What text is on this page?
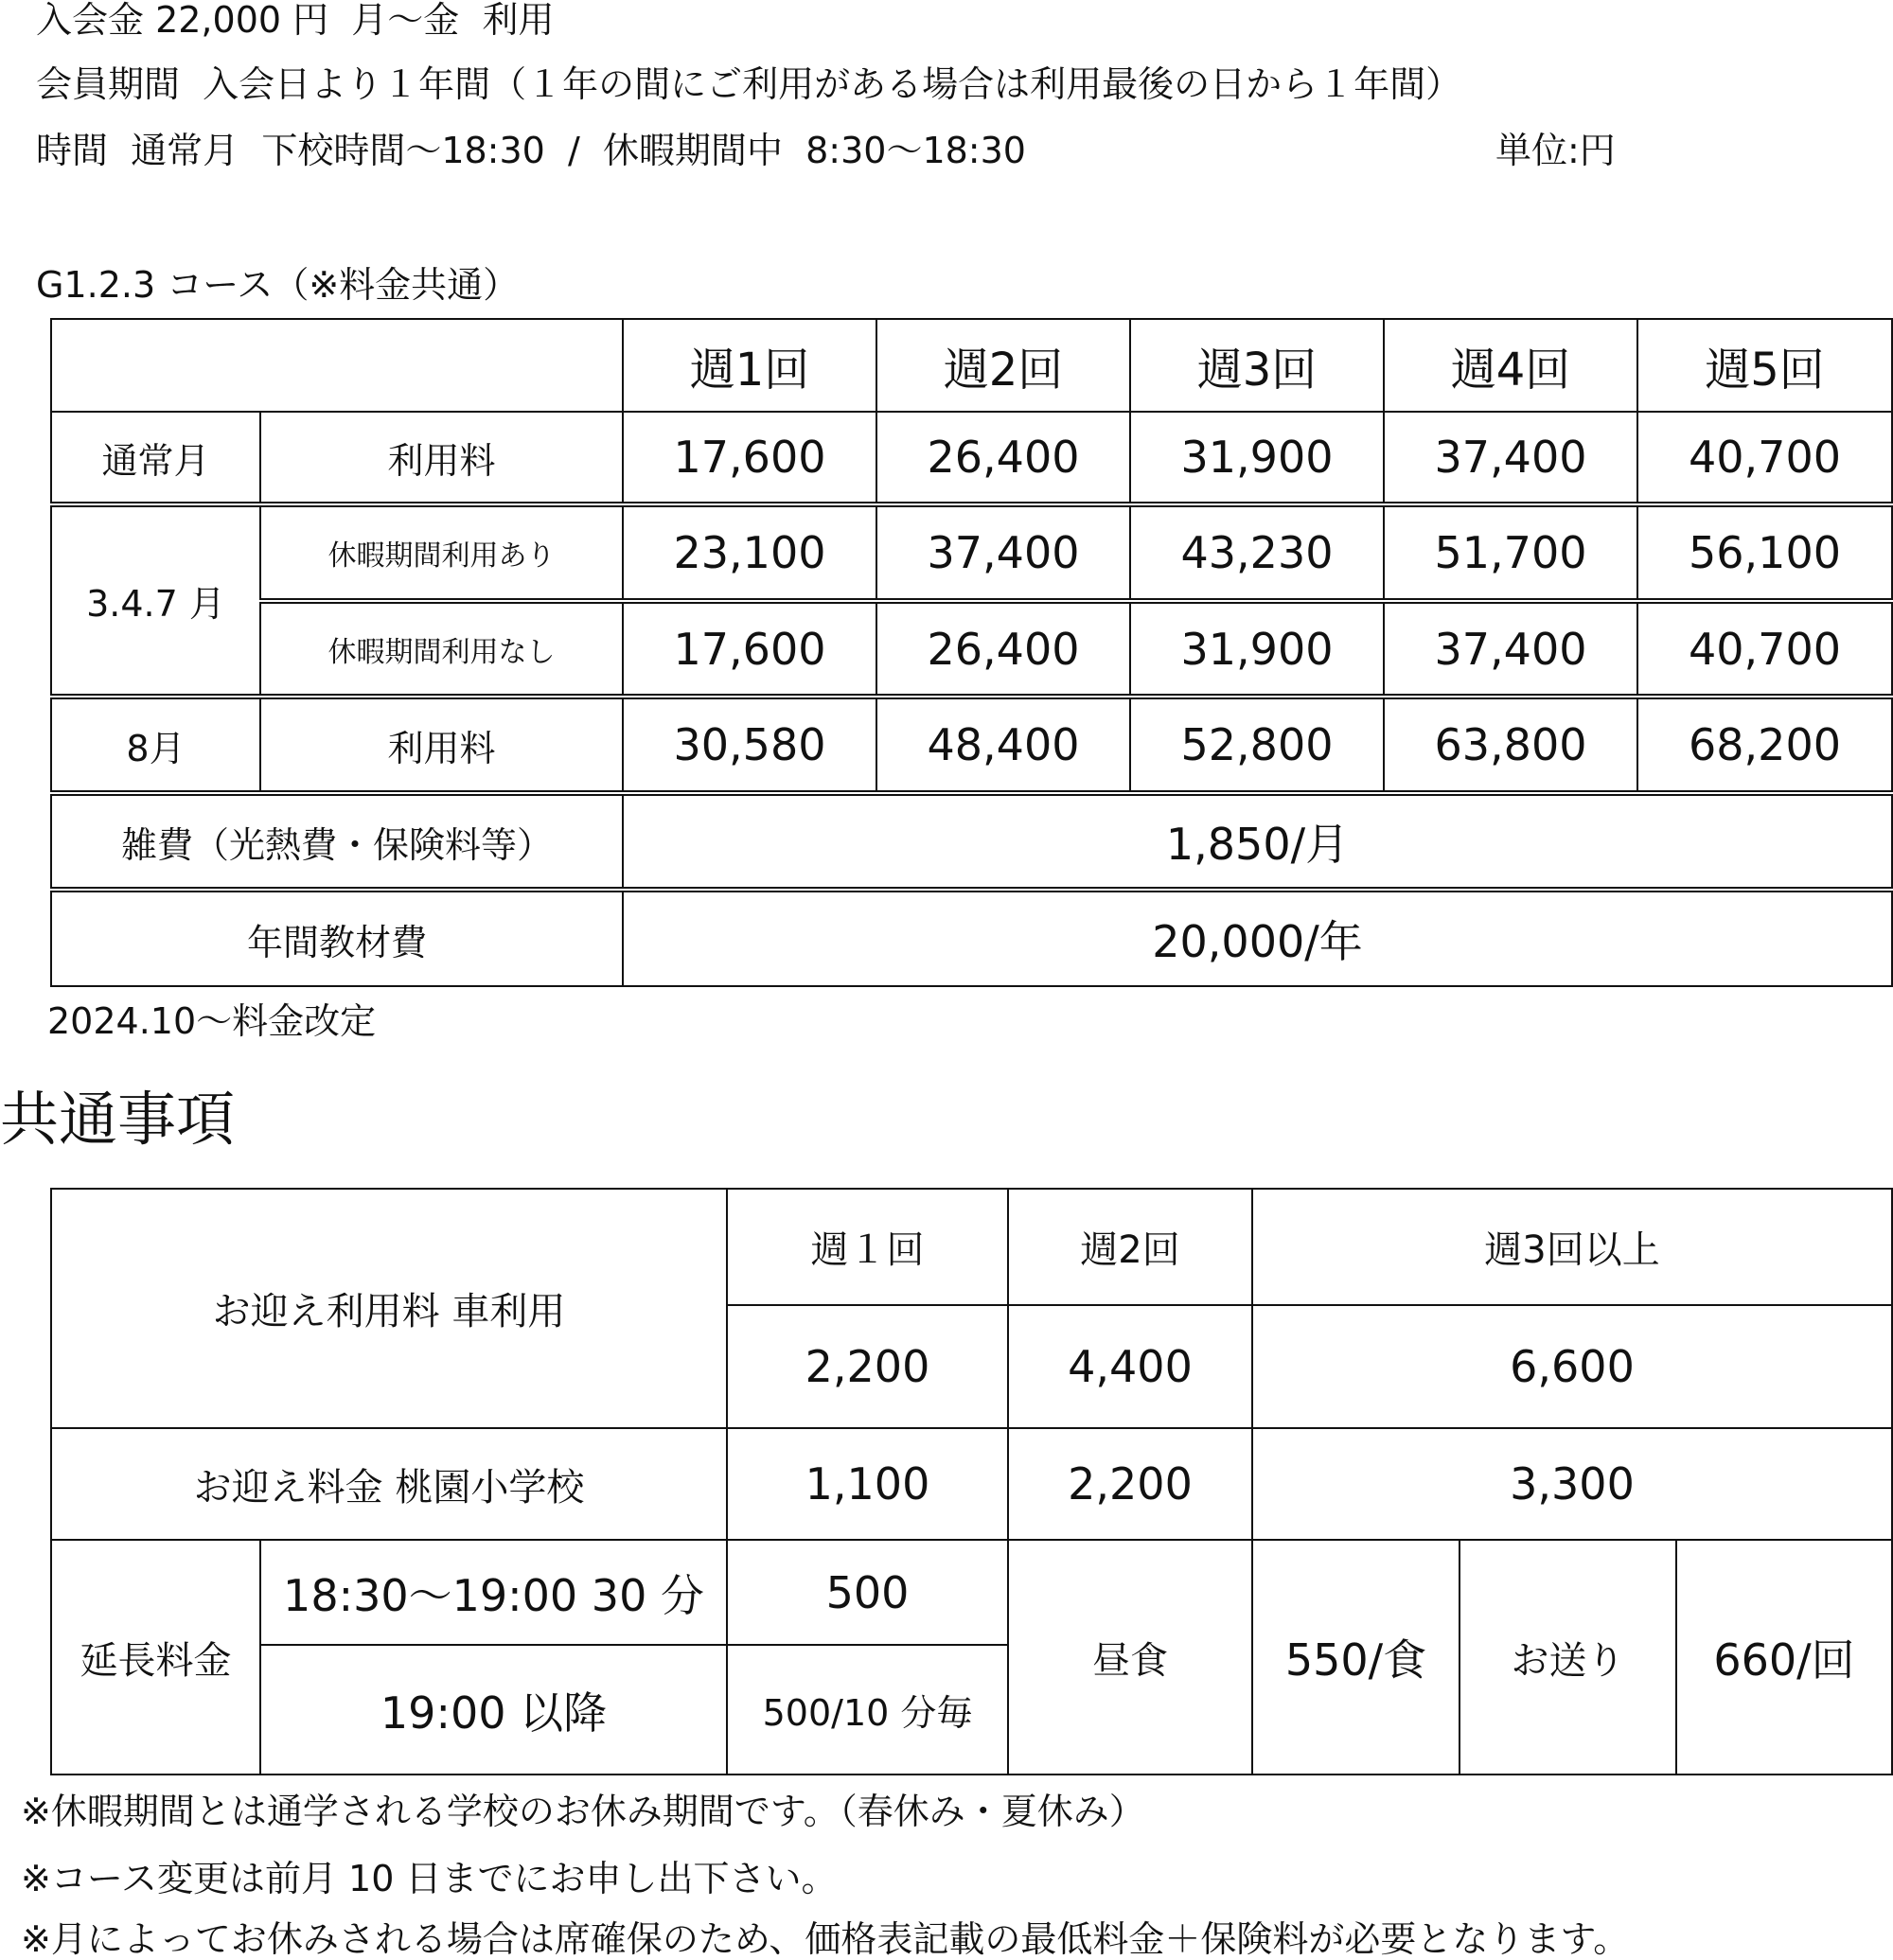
入会金 22,000 円  月～金  利用
会員期間  入会日より１年間（１年の間にご利用がある場合は利用最後の日から１年間）
時間  通常月  下校時間～18:30  /  休暇期間中  8:30～18:30	単位:円
G1.2.3 コース（※料金共通）
		週1回	週2回	週3回	週4回	週5回
通常月	利用料	17,600	26,400	31,900	37,400	40,700
3.4.7 月	休暇期間利用あり	23,100	37,400	43,230	51,700	56,100
	休暇期間利用なし	17,600	26,400	31,900	37,400	40,700
8月	利用料	30,580	48,400	52,800	63,800	68,200
雑費（光熱費・保険料等）		1,850/月				
年間教材費		20,000/年				
2024.10～料金改定
共通事項
お迎え利用料 車利用		週１回	週2回	週3回以上		
		2,200	4,400	6,600		
お迎え料金 桃園小学校		1,100	2,200	3,300		
延長料金	18:30～19:00 30 分	500	昼食	550/食	お送り	660/回
	19:00 以降	500/10 分毎				
※休暇期間とは通学される学校のお休み期間です。（春休み・夏休み）
※コース変更は前月 10 日までにお申し出下さい。
※月によってお休みされる場合は席確保のため、価格表記載の最低料金＋保険料が必要となります。
